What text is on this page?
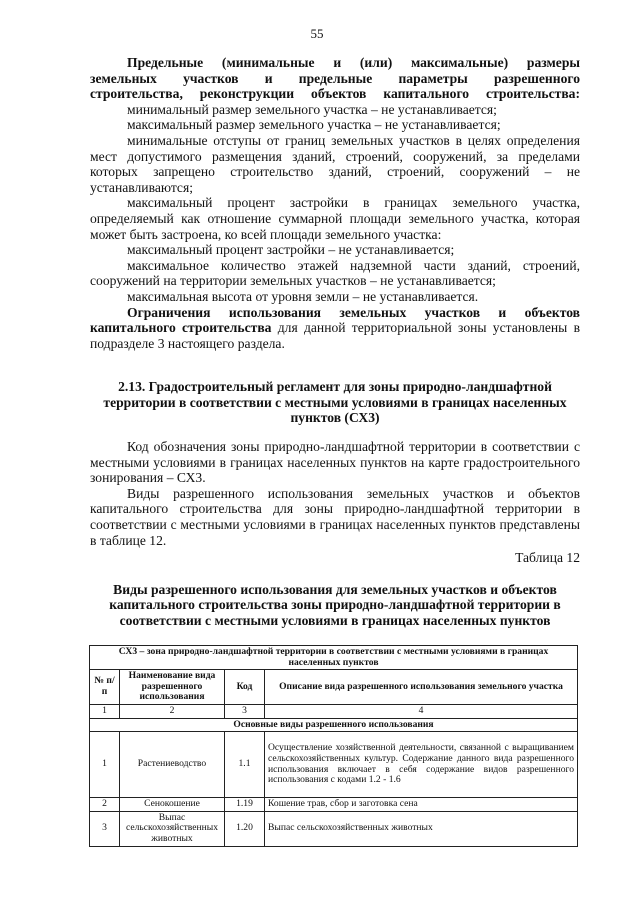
55

Предельные (минимальные и (или) максимальные) размеры

земельных участков и предельные параметры разрешенного

строительства, реконструкции объектов капитального строительства:

минимальный размер земельного участка – не устанавливается;

максимальный размер земельного участка – не устанавливается;

минимальные отступы от границ земельных участков в целях определения мест допустимого размещения зданий, строений, сооружений, за пределами которых запрещено строительство зданий, строений, сооружений – не устанавливаются;

максимальный процент застройки в границах земельного участка, определяемый как отношение суммарной площади земельного участка, которая может быть застроена, ко всей площади земельного участка:

максимальный процент застройки – не устанавливается;

максимальное количество этажей надземной части зданий, строений, сооружений на территории земельных участков – не устанавливается;

максимальная высота от уровня земли – не устанавливается.

Ограничения использования земельных участков и объектов капитального строительства для данной территориальной зоны установлены в подразделе 3 настоящего раздела.

2.13. Градостроительный регламент для зоны природно-ландшафтной территории в соответствии с местными условиями в границах населенных пунктов (СХ3)

Код обозначения зоны природно-ландшафтной территории в соответствии с местными условиями в границах населенных пунктов на карте градостроительного зонирования – СХ3.

Виды разрешенного использования земельных участков и объектов капитального строительства для зоны природно-ландшафтной территории в соответствии с местными условиями в границах населенных пунктов представлены в таблице 12.

Таблица 12

Виды разрешенного использования для земельных участков и объектов капитального строительства зоны природно-ландшафтной территории в соответствии с местными условиями в границах населенных пунктов

СХ3 – зона природно-ландшафтной территории в соответствии с местными условиями в границах населенных пунктов			
№ п/п	Наименование вида разрешенного использования	Код	Описание вида разрешенного использования земельного участка
1	2	3	4
Основные виды разрешенного использования			
1	Растениеводство	1.1	Осуществление хозяйственной деятельности, связанной с выращиванием сельскохозяйственных культур. Содержание данного вида разрешенного использования включает в себя содержание видов разрешенного использования с кодами 1.2 - 1.6
2	Сенокошение	1.19	Кошение трав, сбор и заготовка сена
3	Выпас сельскохозяйственных животных	1.20	Выпас сельскохозяйственных животных
